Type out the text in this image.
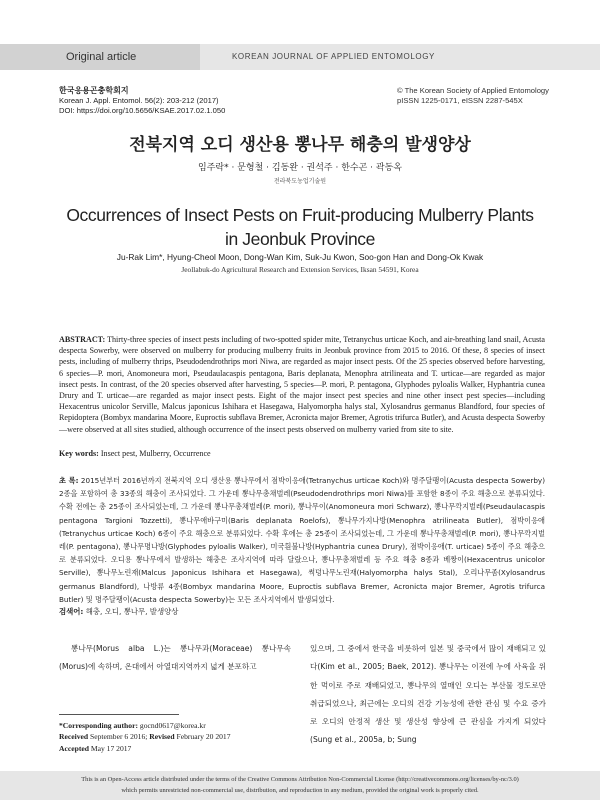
Original article	KOREAN JOURNAL OF APPLIED ENTOMOLOGY
한국응용곤충학회지
Korean J. Appl. Entomol. 56(2): 203-212 (2017)
DOI: https://doi.org/10.5656/KSAE.2017.02.1.050
© The Korean Society of Applied Entomology
pISSN 1225-0171, eISSN 2287-545X
전북지역 오디 생산용 뽕나무 해충의 발생양상
임주락* · 문형철 · 김동완 · 권석주 · 한수곤 · 곽동옥
전라북도농업기술원
Occurrences of Insect Pests on Fruit-producing Mulberry Plants
in Jeonbuk Province
Ju-Rak Lim*, Hyung-Cheol Moon, Dong-Wan Kim, Suk-Ju Kwon, Soo-gon Han and Dong-Ok Kwak
Jeollabuk-do Agricultural Research and Extension Services, Iksan 54591, Korea
ABSTRACT: Thirty-three species of insect pests including of two-spotted spider mite, Tetranychus urticae Koch, and air-breathing land snail, Acusta despecta Sowerby, were observed on mulberry for producing mulberry fruits in Jeonbuk province from 2015 to 2016. Of these, 8 species of insect pests, including of mulberry thrips, Pseudodendrothrips mori Niwa, are regarded as major insect pests. Of the 25 species observed before harvesting, 6 species—P. mori, Anomoneura mori, Pseudaulacaspis pentagona, Baris deplanata, Menophra atrilineata and T. urticae—are regarded as major insect pests. In contrast, of the 20 species observed after harvesting, 5 species—P. mori, P. pentagona, Glyphodes pyloalis Walker, Hyphantria cunea Drury and T. urticae—are regarded as major insect pests. Eight of the major insect pest species and nine other insect pest species—including Hexacentrus unicolor Serville, Malcus japonicus Ishihara et Hasegawa, Halyomorpha halys stal, Xylosandrus germanus Blandford, four species of Repidoptera (Bombyx mandarina Moore, Euproctis subflava Bremer, Acronicta major Bremer, Agrotis trifurca Butler), and Acusta despecta Sowerby—were observed at all sites studied, although occurrence of the insect pests observed on mulberry varied from site to site.
Key words: Insect pest, Mulberry, Occurrence
초 록: 2015년부터 2016년까지 전북지역 오디 생산용 뽕나무에서 점박이응애(Tetranychus urticae Koch)와 명주달팽이(Acusta despecta Sowerby) 2종을 포함하여 총 33종의 해충이 조사되었다. 그 가운데 뽕나무총채벌레(Pseudodendrothrips mori Niwa)를 포함한 8종이 주요 해충으로 분류되었다. 수확 전에는 총 25종이 조사되었는데, 그 가운데 뽕나무총채벌레(P. mori), 뽕나무이(Anomoneura mori Schwarz), 뽕나무깍지벌레(Pseudaulacaspis pentagona Targioni Tozzetti), 뽕나무애바구미(Baris deplanata Roelofs), 뽕나무가지나방(Menophra atrilineata Butler), 점박이응애(Tetranychus urticae Koch) 6종이 주요 해충으로 분류되었다. 수확 후에는 총 25종이 조사되었는데, 그 가운데 뽕나무총채벌레(P. mori), 뽕나무깍지벌레(P. pentagona), 뽕나무명나방(Glyphodes pyloalis Walker), 미국흰불나방(Hyphantria cunea Drury), 점박이응애(T. urticae) 5종이 주요 해충으로 분류되었다. 오디용 뽕나무에서 발생하는 해충은 조사지역에 따라 달랐으나, 뽕나무총채벌레 등 주요 해충 8종과 베짱이(Hexacentrus unicolor Serville), 뽕나무노린재(Malcus Japonicus Ishihara et Hasegawa), 썩덩나무노린재(Halyomorpha halys Stal), 오리나무좀(Xylosandrus germanus Blandford), 나방류 4종(Bombyx mandarina Moore, Euproctis subflava Bremer, Acronicta major Bremer, Agrotis trifurca Butler) 및 명주달팽이(Acusta despecta Sowerby)는 모든 조사지역에서 발생되었다.
검색어: 해충, 오디, 뽕나무, 발생양상
뽕나무(Morus alba L.)는 뽕나무과(Moraceae) 뽕나무속(Morus)에 속하며, 온대에서 아열대지역까지 넓게 분포하고
있으며, 그 중에서 한국을 비롯하여 일본 및 중국에서 많이 재배되고 있다(Kim et al., 2005; Baek, 2012). 뽕나무는 이전에 누에 사육을 위한 먹이로 주로 재배되었고, 뽕나무의 열매인 오디는 부산물 정도로만 취급되었으나, 최근에는 오디의 건강 기능성에 관한 관심 및 수요 증가로 오디의 안정적 생산 및 생산성 향상에 큰 관심을 가지게 되었다(Sung et al., 2005a, b; Sung
*Corresponding author: gocnd0617@korea.kr
Received September 6 2016; Revised February 20 2017
Accepted May 17 2017
This is an Open-Access article distributed under the terms of the Creative Commons Attribution Non-Commercial License (http://creativecommons.org/licenses/by-nc/3.0)
which permits unrestricted non-commercial use, distribution, and reproduction in any medium, provided the original work is properly cited.
